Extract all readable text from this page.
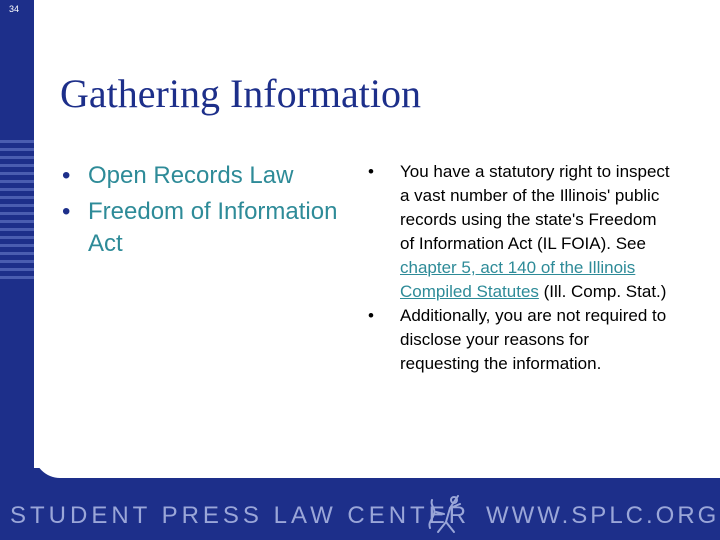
34
Gathering Information
• Open Records Law
• Freedom of Information Act
• You have a statutory right to inspect a vast number of the Illinois' public records using the state's Freedom of Information Act (IL FOIA). See chapter 5, act 140 of the Illinois Compiled Statutes (Ill. Comp. Stat.)
• Additionally, you are not required to disclose your reasons for requesting the information.
STUDENT PRESS LAW CENTER WWW.SPLC.ORG
